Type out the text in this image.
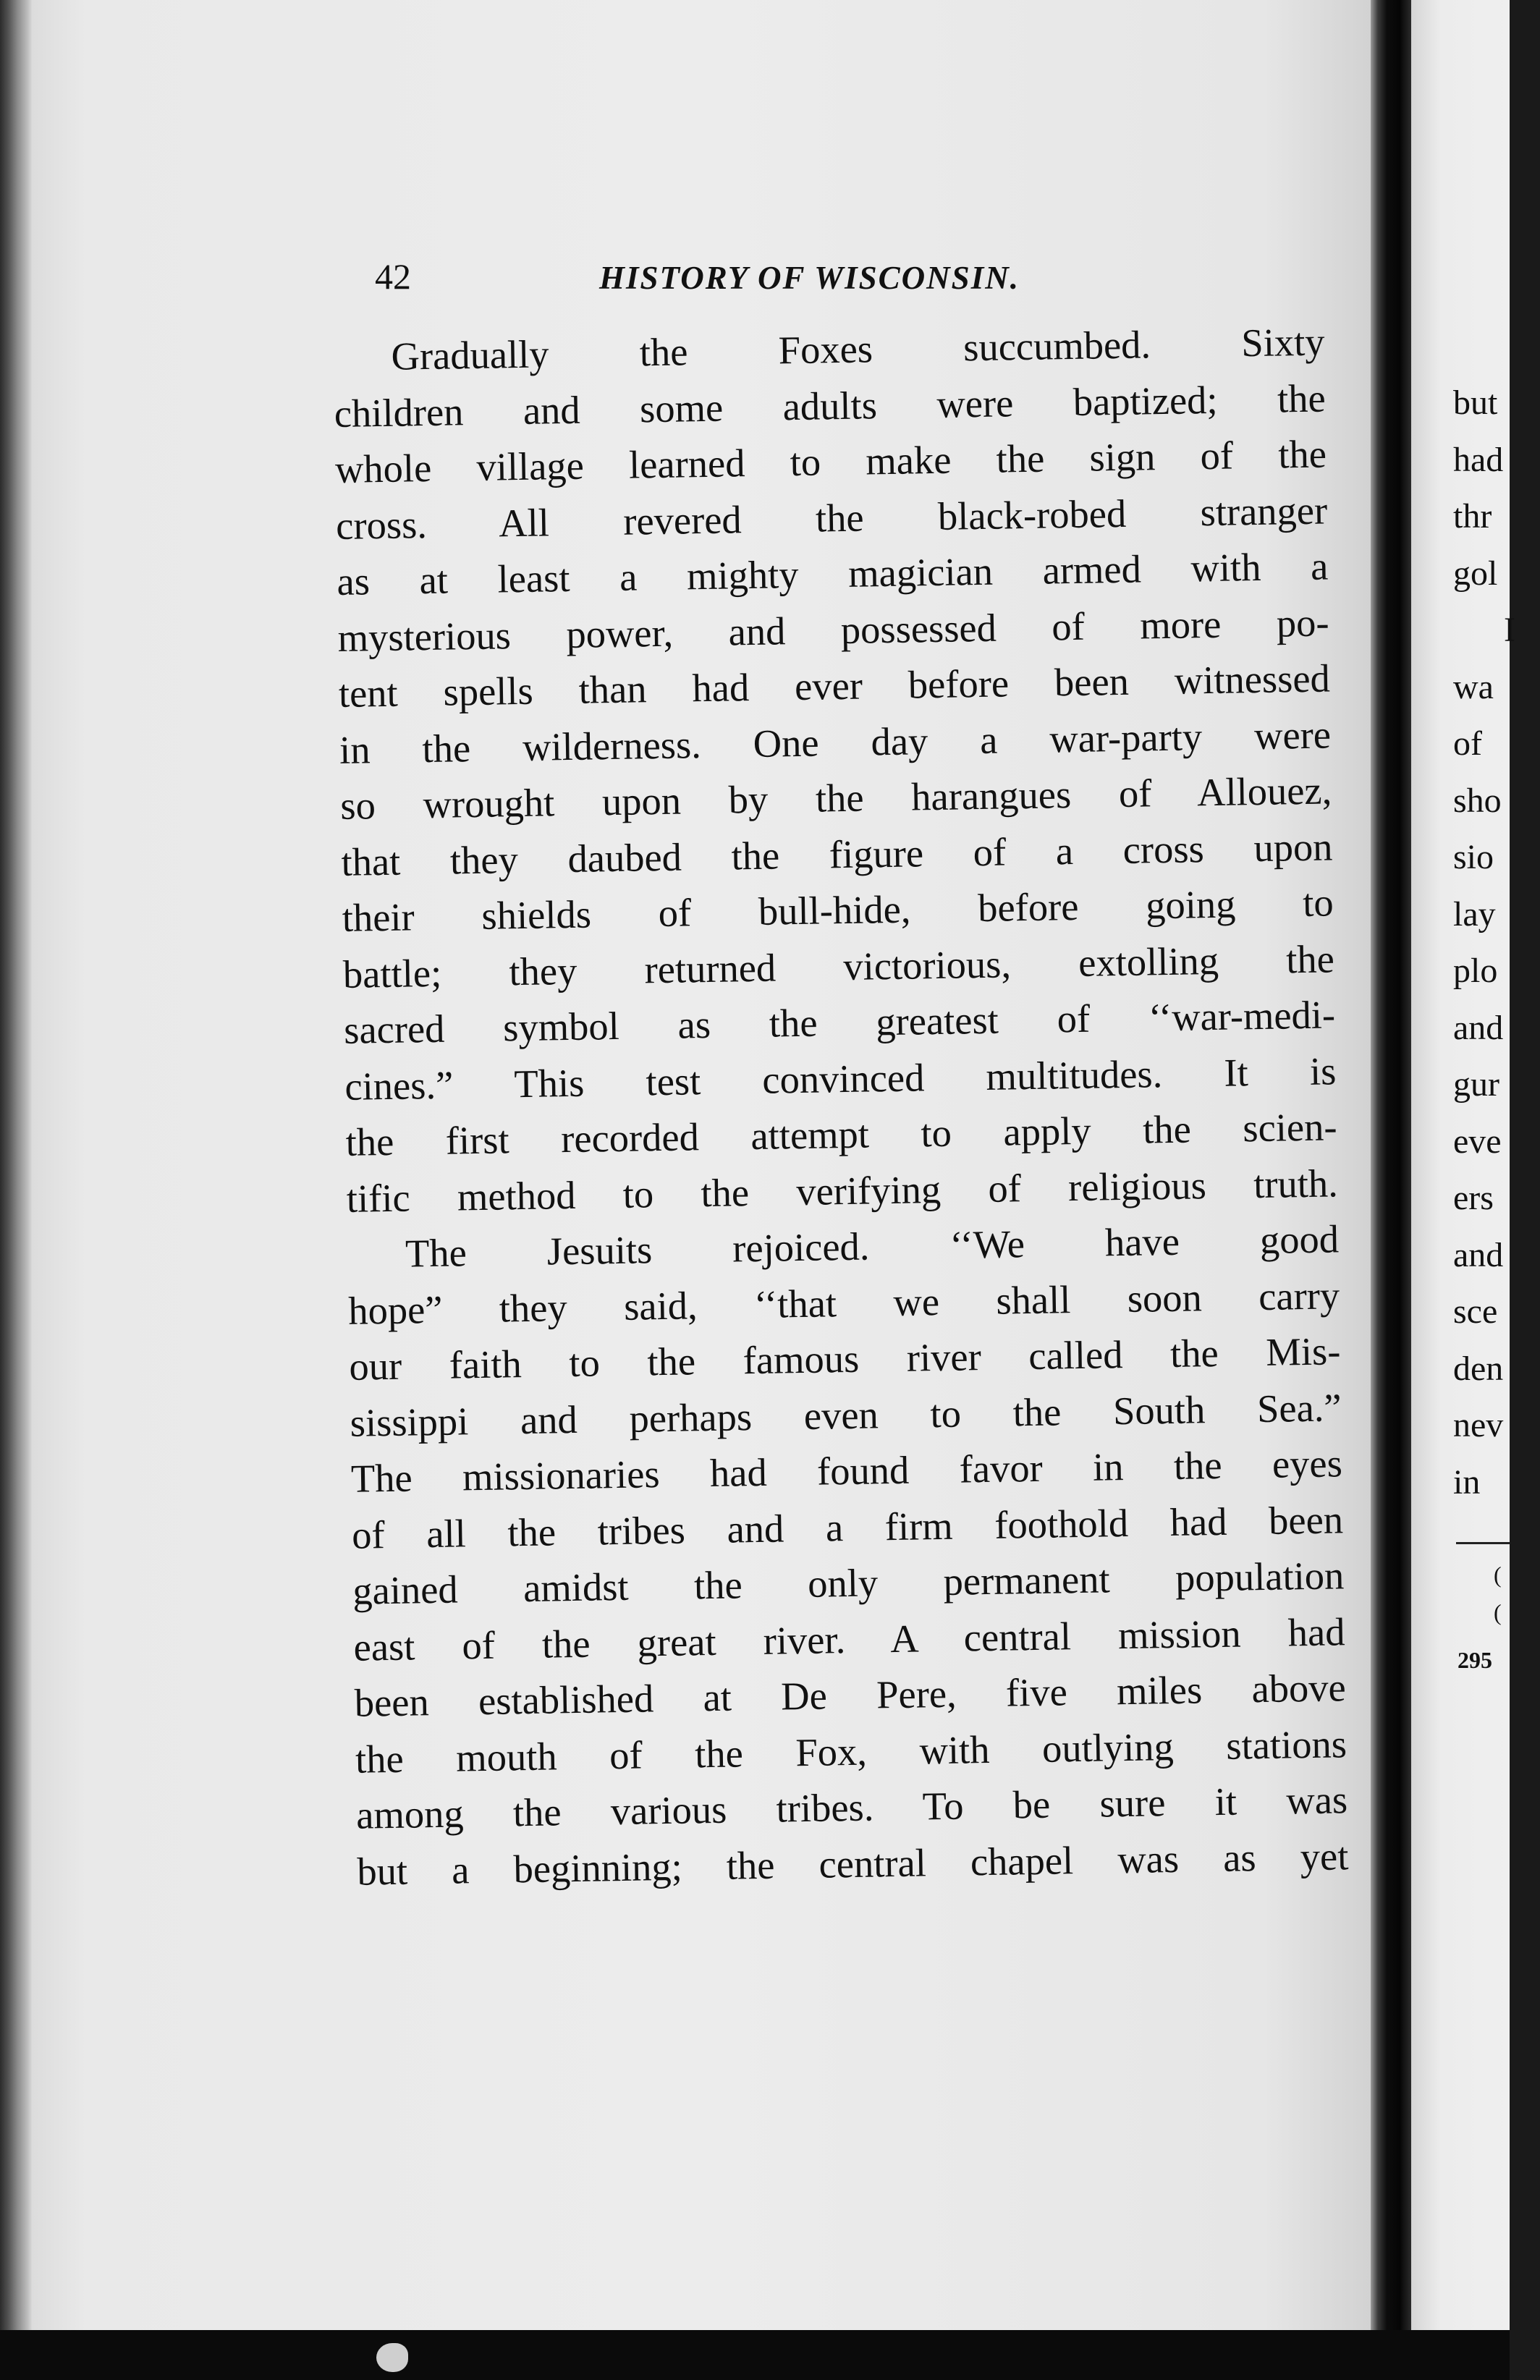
42	HISTORY OF WISCONSIN.
Gradually the Foxes succumbed. Sixty
children and some adults were baptized; the
whole village learned to make the sign of the
cross. All revered the black-robed stranger
as at least a mighty magician armed with a
mysterious power, and possessed of more po-
tent spells than had ever before been witnessed
in the wilderness. One day a war-party were
so wrought upon by the harangues of Allouez,
that they daubed the figure of a cross upon
their shields of bull-hide, before going to
battle; they returned victorious, extolling the
sacred symbol as the greatest of ‘‘war-medi-
cines.” This test convinced multitudes. It is
the first recorded attempt to apply the scien-
tific method to the verifying of religious truth.
The Jesuits rejoiced. ‘‘We have good
hope” they said, ‘‘that we shall soon carry
our faith to the famous river called the Mis-
sissippi and perhaps even to the South Sea.”
The missionaries had found favor in the eyes
of all the tribes and a firm foothold had been
gained amidst the only permanent population
east of the great river. A central mission had
been established at De Pere, five miles above
the mouth of the Fox, with outlying stations
among the various tribes. To be sure it was
but a beginning; the central chapel was as yet
but
had
thr
gol
I
wa
of
sho
sio
lay
plo
and
gur
eve
ers
and
sce
den
nev
in
(
(
295
